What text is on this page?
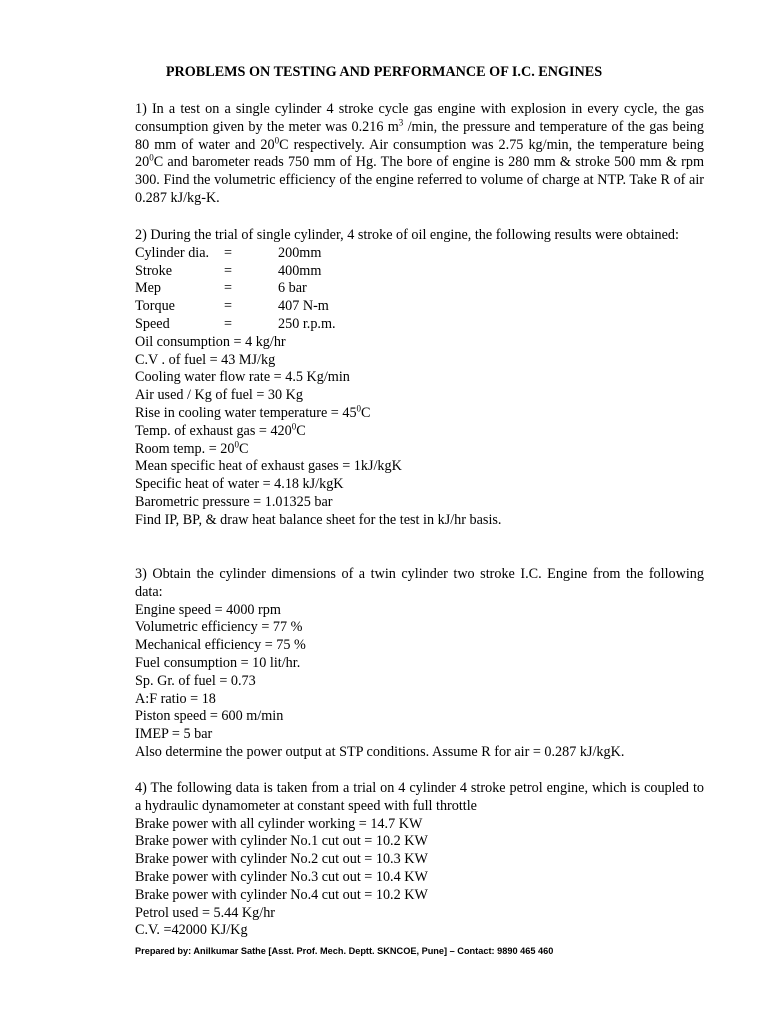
PROBLEMS ON TESTING AND PERFORMANCE OF I.C. ENGINES
1) In a test on a single cylinder 4 stroke cycle gas engine with explosion in every cycle, the gas consumption given by the meter was 0.216 $m^3$ /min, the pressure and temperature of the gas being 80 mm of water and $20^0C$ respectively. Air consumption was 2.75 kg/min, the temperature being $20^0C$ and barometer reads 750 mm of Hg. The bore of engine is 280 mm & stroke 500 mm & rpm 300. Find the volumetric efficiency of the engine referred to volume of charge at NTP. Take R of air 0.287 kJ/kg-K.
2) During the trial of single cylinder, 4 stroke of oil engine, the following results were obtained:
Cylinder dia.	=	200mm
Stroke	=	400mm
Mep	=	6 bar
Torque	=	407 N-m
Speed	=	250 r.p.m.
Oil consumption = 4 kg/hr
C.V . of fuel = 43 MJ/kg
Cooling water flow rate = 4.5 Kg/min
Air used / Kg of fuel = 30 Kg
Rise in cooling water temperature = $45^0C$
Temp. of exhaust gas = $420^0C$
Room temp. = $20^0C$
Mean specific heat of exhaust gases = 1kJ/kgK
Specific heat of water = 4.18 kJ/kgK
Barometric pressure = 1.01325 bar
Find IP, BP, & draw heat balance sheet for the test in kJ/hr basis.
3) Obtain the cylinder dimensions of a twin cylinder two stroke I.C. Engine from the following data:
Engine speed = 4000 rpm
Volumetric efficiency = 77 %
Mechanical efficiency = 75 %
Fuel consumption = 10 lit/hr.
Sp. Gr. of fuel = 0.73
A:F ratio = 18
Piston speed = 600 m/min
IMEP = 5 bar
Also determine the power output at STP conditions. Assume R for air = 0.287 kJ/kgK.
4) The following data is taken from a trial on 4 cylinder 4 stroke petrol engine, which is coupled to a hydraulic dynamometer at constant speed with full throttle
Brake power with all cylinder working = 14.7 KW
Brake power with cylinder No.1 cut out = 10.2 KW
Brake power with cylinder No.2 cut out = 10.3 KW
Brake power with cylinder No.3 cut out = 10.4 KW
Brake power with cylinder No.4 cut out = 10.2 KW
Petrol used = 5.44 Kg/hr
C.V. =42000 KJ/Kg
Prepared by: Anilkumar Sathe [Asst. Prof. Mech. Deptt. SKNCOE, Pune] – Contact: 9890 465 460
